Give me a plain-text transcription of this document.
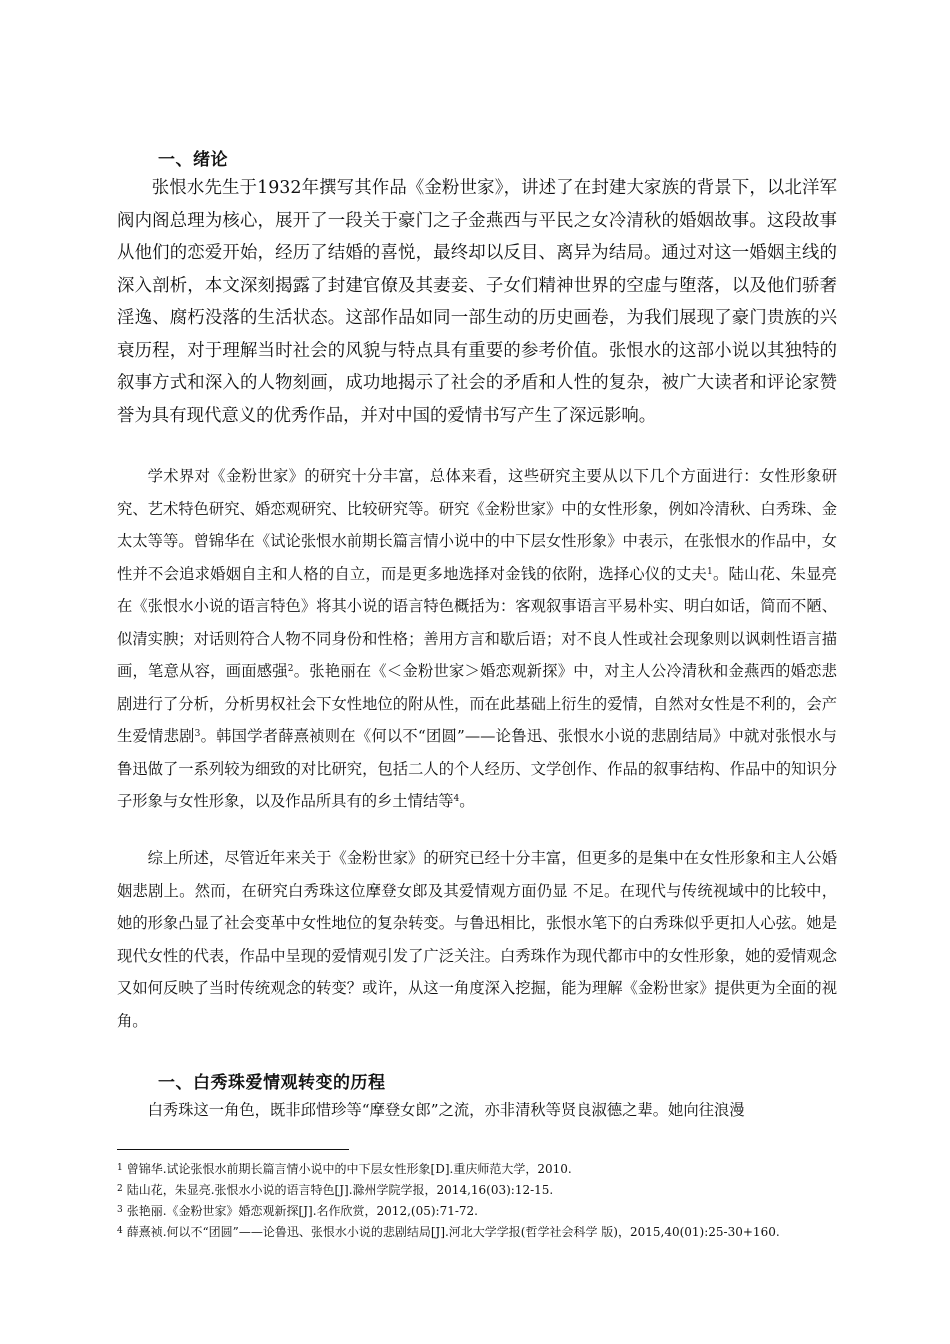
一、绪论
张恨水先生于1932年撰写其作品《金粉世家》，讲述了在封建大家族的背景下，以北洋军阀内阁总理为核心，展开了一段关于豪门之子金燕西与平民之女冷清秋的婚姻故事。这段故事从他们的恋爱开始，经历了结婚的喜悦，最终却以反目、离异为结局。通过对这一婚姻主线的深入剖析，本文深刻揭露了封建官僚及其妻妾、子女们精神世界的空虚与堕落，以及他们骄奢淫逸、腐朽没落的生活状态。这部作品如同一部生动的历史画卷，为我们展现了豪门贵族的兴衰历程，对于理解当时社会的风貌与特点具有重要的参考价值。张恨水的这部小说以其独特的叙事方式和深入的人物刻画，成功地揭示了社会的矛盾和人性的复杂，被广大读者和评论家赞誉为具有现代意义的优秀作品，并对中国的爱情书写产生了深远影响。
学术界对《金粉世家》的研究十分丰富，总体来看，这些研究主要从以下几个方面进行：女性形象研究、艺术特色研究、婚恋观研究、比较研究等。研究《金粉世家》中的女性形象，例如冷清秋、白秀珠、金太太等等。曾锦华在《试论张恨水前期长篇言情小说中的中下层女性形象》中表示，在张恨水的作品中，女性并不会追求婚姻自主和人格的自立，而是更多地选择对金钱的依附，选择心仪的丈夫$^1$。陆山花、朱显亮在《张恨水小说的语言特色》将其小说的语言特色概括为：客观叙事语言平易朴实、明白如话，简而不陋、似清实腴；对话则符合人物不同身份和性格；善用方言和歇后语；对不良人性或社会现象则以讽刺性语言描画，笔意从容，画面感强$^2$。张艳丽在《＜金粉世家＞婚恋观新探》中，对主人公冷清秋和金燕西的婚恋悲剧进行了分析，分析男权社会下女性地位的附从性，而在此基础上衍生的爱情，自然对女性是不利的，会产生爱情悲剧$^3$。韩国学者薛熹祯则在《何以不“团圆”——论鲁迅、张恨水小说的悲剧结局》中就对张恨水与鲁迅做了一系列较为细致的对比研究，包括二人的个人经历、文学创作、作品的叙事结构、作品中的知识分子形象与女性形象，以及作品所具有的乡土情结等$^4$。
综上所述，尽管近年来关于《金粉世家》的研究已经十分丰富，但更多的是集中在女性形象和主人公婚姻悲剧上。然而，在研究白秀珠这位摩登女郎及其爱情观方面仍显 不足。在现代与传统视域中的比较中，她的形象凸显了社会变革中女性地位的复杂转变。与鲁迅相比，张恨水笔下的白秀珠似乎更扣人心弦。她是现代女性的代表，作品中呈现的爱情观引发了广泛关注。白秀珠作为现代都市中的女性形象，她的爱情观念又如何反映了当时传统观念的转变？或许，从这一角度深入挖掘，能为理解《金粉世家》提供更为全面的视角。
一、白秀珠爱情观转变的历程
白秀珠这一角色，既非邱惜珍等“摩登女郎”之流，亦非清秋等贤良淑德之辈。她向往浪漫
1 曾锦华.试论张恨水前期长篇言情小说中的中下层女性形象[D].重庆师范大学，2010.
2 陆山花，朱显亮.张恨水小说的语言特色[J].滁州学院学报，2014,16(03):12-15.
3 张艳丽.《金粉世家》婚恋观新探[J].名作欣赏，2012,(05):71-72.
4 薛熹祯.何以不“团圆”——论鲁迅、张恨水小说的悲剧结局[J].河北大学学报(哲学社会科学 版)，2015,40(01):25-30+160.
